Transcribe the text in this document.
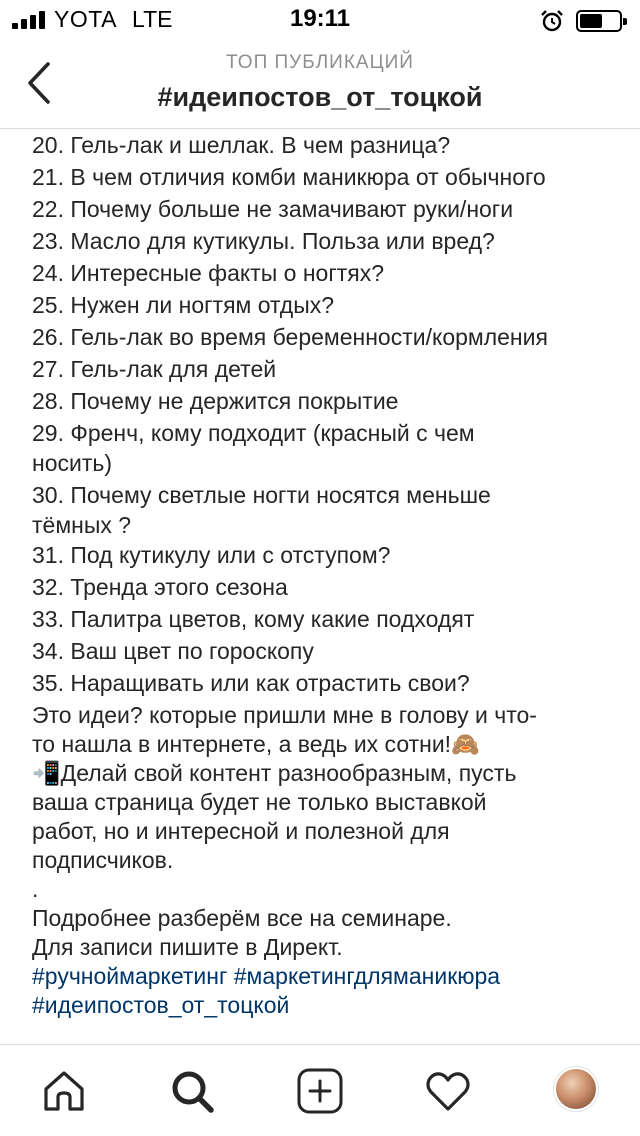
YOTA LTE	19:11
ТОП ПУБЛИКАЦИЙ
#идеипостов_от_тоцкой
20. Гель-лак и шеллак. В чем разница?
21. В чем отличия комби маникюра от обычного
22. Почему больше не замачивают руки/ноги
23. Масло для кутикулы. Польза или вред?
24. Интересные факты о ногтях?
25. Нужен ли ногтям отдых?
26. Гель-лак во время беременности/кормления
27. Гель-лак для детей
28. Почему не держится покрытие
29. Френч, кому подходит (красный с чем
носить)
30. Почему светлые ногти носятся меньше
тёмных ?
31. Под кутикулу или с отступом?
32. Тренда этого сезона
33. Палитра цветов, кому какие подходят
34. Ваш цвет по гороскопу
35. Наращивать или как отрастить свои?
Это идеи? которые пришли мне в голову и что-
то нашла в интернете, а ведь их сотни!🙈
📲Делай свой контент разнообразным, пусть
ваша страница будет не только выставкой
работ, но и интересной и полезной для
подписчиков.
.
Подробнее разберём все на семинаре.
Для записи пишите в Директ.
#ручноймаркетинг #маркетингдляманикюра
#идеипостов_от_тоцкой
